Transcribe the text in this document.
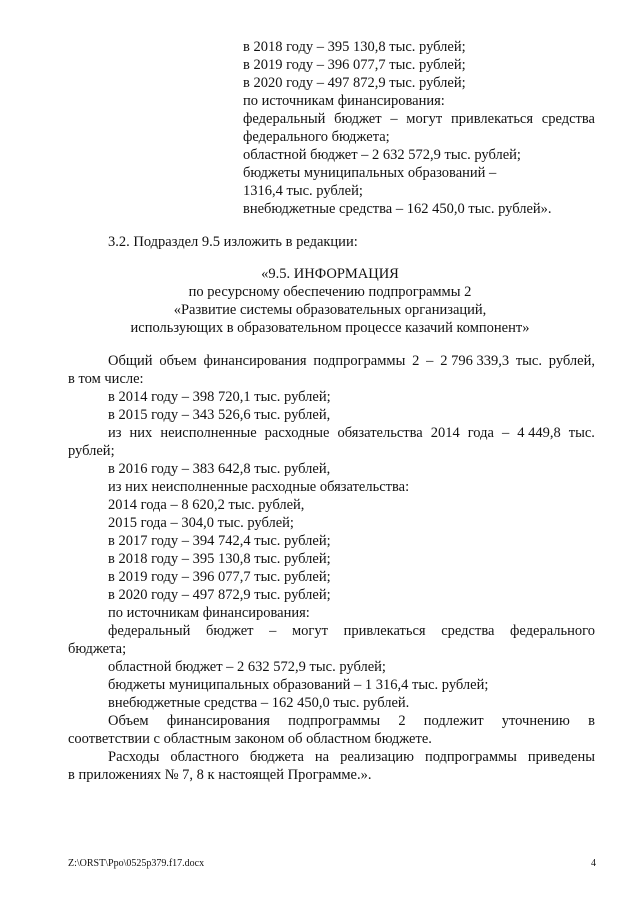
в 2018 году – 395 130,8 тыс. рублей;
в 2019 году – 396 077,7 тыс. рублей;
в 2020 году – 497 872,9 тыс. рублей;
по источникам финансирования:
федеральный бюджет – могут привлекаться средства
федерального бюджета;
областной бюджет – 2 632 572,9 тыс. рублей;
бюджеты муниципальных образований –
1316,4 тыс. рублей;
внебюджетные средства – 162 450,0 тыс. рублей».
3.2. Подраздел 9.5 изложить в редакции:
«9.5. ИНФОРМАЦИЯ
по ресурсному обеспечению подпрограммы 2
«Развитие системы образовательных организаций,
использующих в образовательном процессе казачий компонент»
Общий объем финансирования подпрограммы 2 – 2 796 339,3 тыс. рублей,
в том числе:
в 2014 году – 398 720,1 тыс. рублей;
в 2015 году – 343 526,6 тыс. рублей,
из них неисполненные расходные обязательства 2014 года – 4 449,8 тыс.
рублей;
в 2016 году – 383 642,8 тыс. рублей,
из них неисполненные расходные обязательства:
2014 года – 8 620,2 тыс. рублей,
2015 года – 304,0 тыс. рублей;
в 2017 году – 394 742,4 тыс. рублей;
в 2018 году – 395 130,8 тыс. рублей;
в 2019 году – 396 077,7 тыс. рублей;
в 2020 году – 497 872,9 тыс. рублей;
по источникам финансирования:
федеральный бюджет – могут привлекаться средства федерального
бюджета;
областной бюджет – 2 632 572,9 тыс. рублей;
бюджеты муниципальных образований – 1 316,4 тыс. рублей;
внебюджетные средства – 162 450,0 тыс. рублей.
Объем финансирования подпрограммы 2 подлежит уточнению в
соответствии с областным законом об областном бюджете.
Расходы областного бюджета на реализацию подпрограммы приведены
в приложениях № 7, 8 к настоящей Программе.».
Z:\ORST\Ppo\0525p379.f17.docx	4
